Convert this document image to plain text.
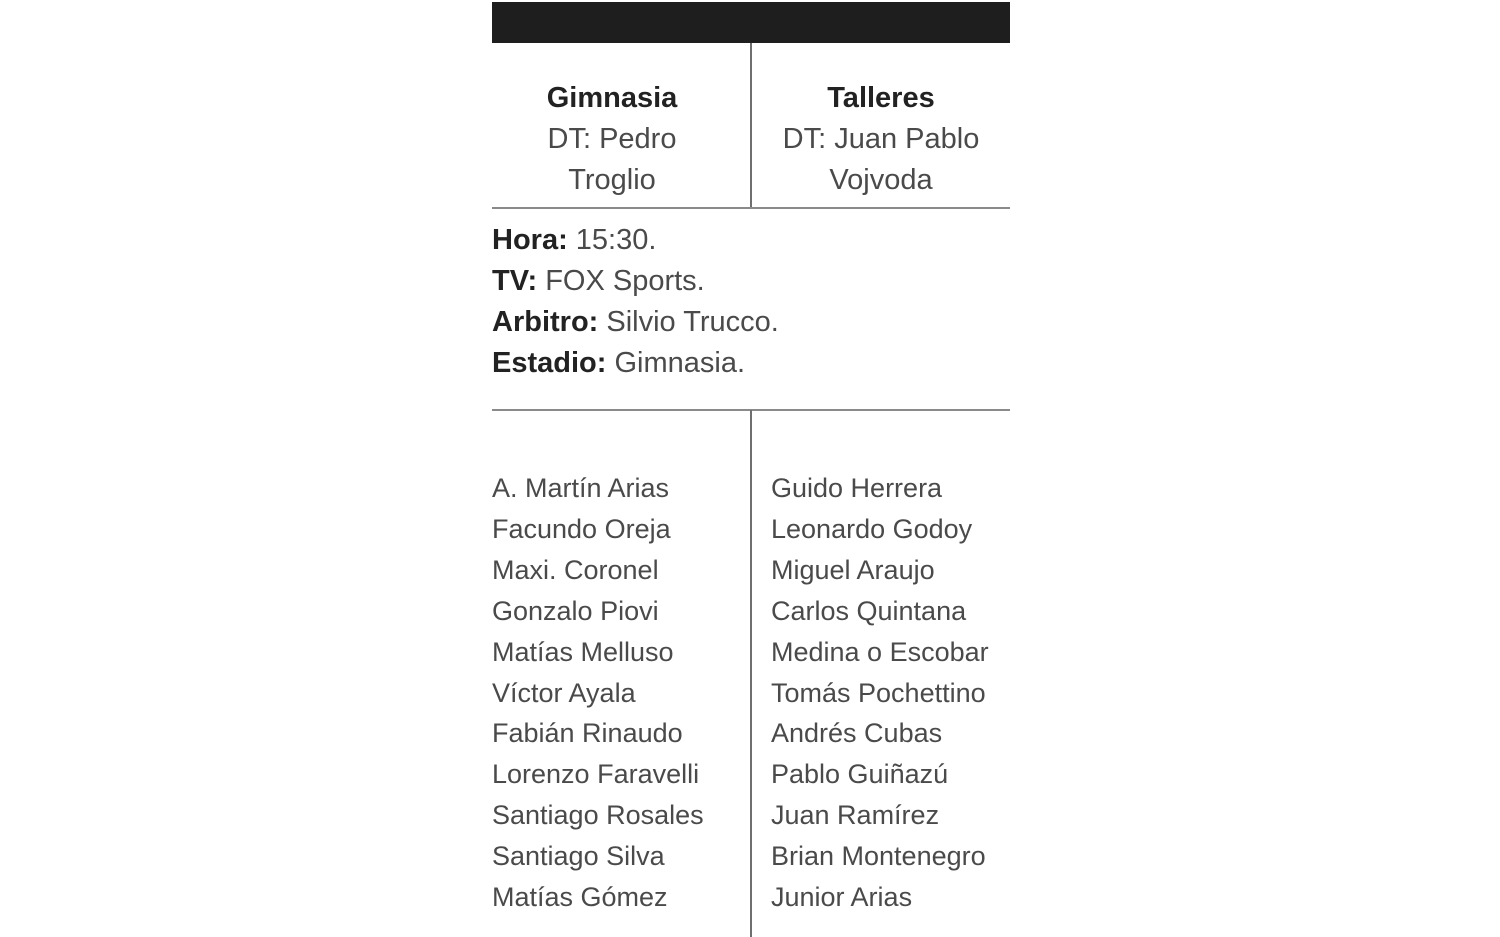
Gimnasia
DT: Pedro
Troglio
Talleres
DT: Juan Pablo
Vojvoda
Hora: 15:30.
TV: FOX Sports.
Arbitro: Silvio Trucco.
Estadio: Gimnasia.
A. Martín Arias
Facundo Oreja
Maxi. Coronel
Gonzalo Piovi
Matías Melluso
Víctor Ayala
Fabián Rinaudo
Lorenzo Faravelli
Santiago Rosales
Santiago Silva
Matías Gómez
Guido Herrera
Leonardo Godoy
Miguel Araujo
Carlos Quintana
Medina o Escobar
Tomás Pochettino
Andrés Cubas
Pablo Guiñazú
Juan Ramírez
Brian Montenegro
Junior Arias
